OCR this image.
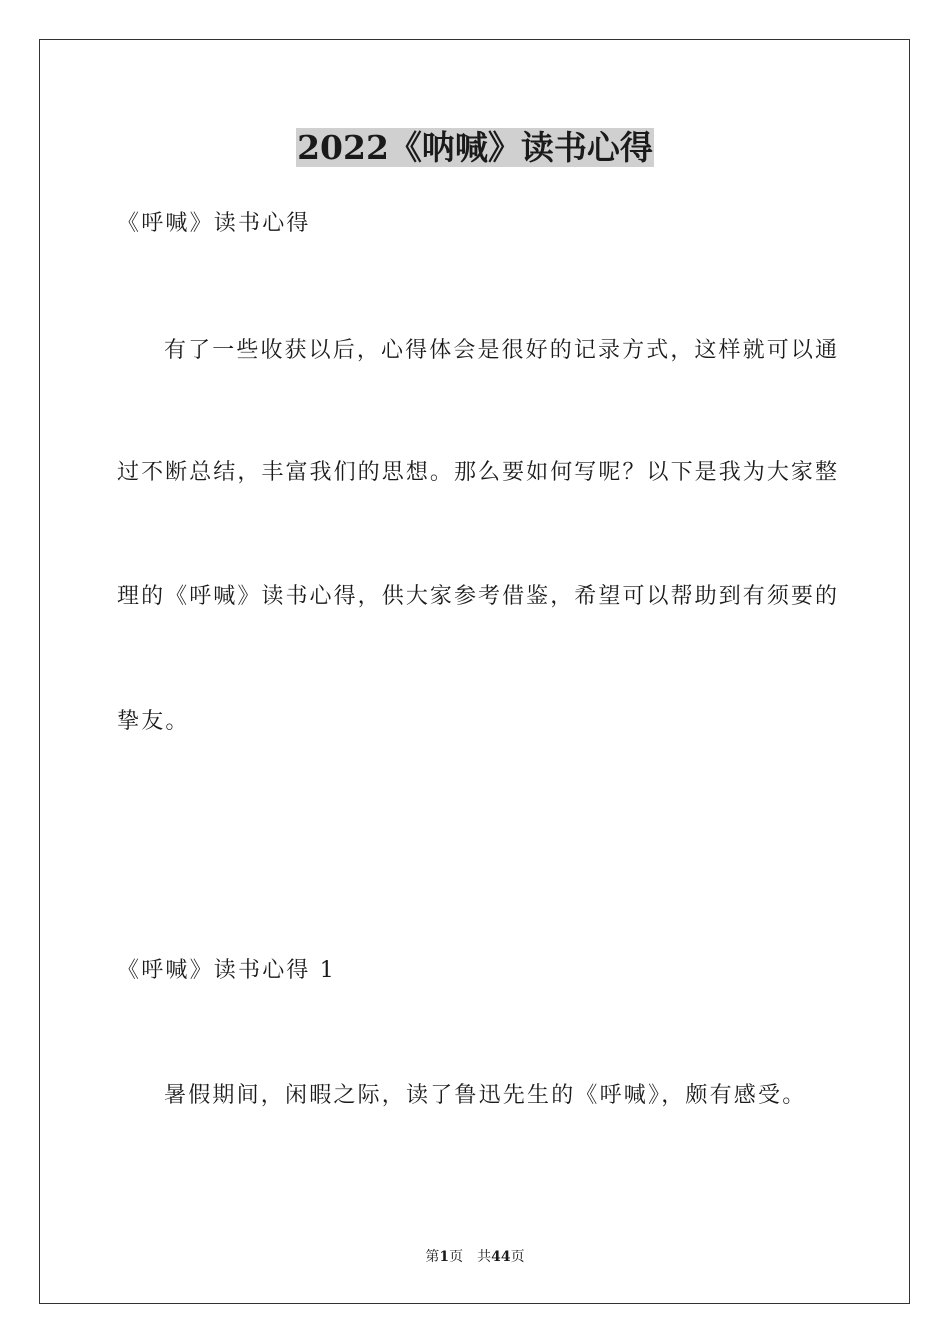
2022《呐喊》读书心得
《呼喊》读书心得
有了一些收获以后，心得体会是很好的记录方式，这样就可以通
过不断总结，丰富我们的思想。那么要如何写呢？以下是我为大家整
理的《呼喊》读书心得，供大家参考借鉴，希望可以帮助到有须要的
挚友。
《呼喊》读书心得 1
暑假期间，闲暇之际，读了鲁迅先生的《呼喊》，颇有感受。
第1页　共44页
